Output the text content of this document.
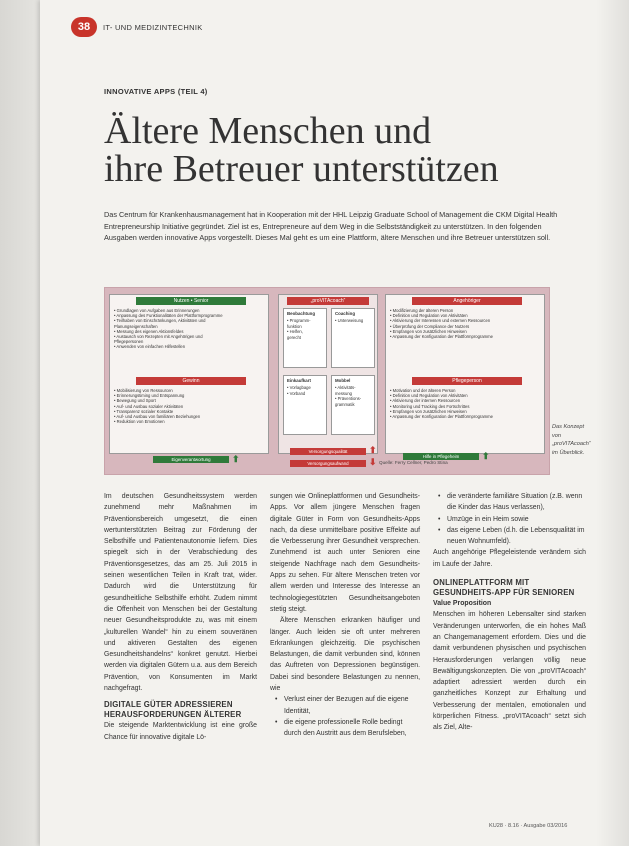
38	IT- UND MEDIZINTECHNIK
INNOVATIVE APPS (TEIL 4)
Ältere Menschen und
ihre Betreuer unterstützen
Das Centrum für Krankenhausmanagement hat in Kooperation mit der HHL Leipzig Graduate School of Management die CKM Digital Health Entrepreneurship Initiative gegründet. Ziel ist es, Entrepreneure auf dem Weg in die Selbstständigkeit zu unterstützen. In den folgenden Ausgaben werden innovative Apps vorgestellt. Dieses Mal geht es um eine Plattform, ältere Menschen und ihre Betreuer unterstützen soll.
Nutzen • Senior
• Grundlagen von Aufgaben aus Erinnerungen
• Anpassung des Funktionalitäten der Plattformprogramme
• Teilhaben von Einschränkungen, Aktivitäten und
Planungseigenschaften
• Messung des eigenen Aktionsfeldes
• Austausch von Rezepten mit Angehörigen und
Pflegepersonen
• Anwenden von einfachen Hilfestellen
Gewinn
• Mobilisierung von Ressourcen
• Erinnerungstiming und Entspannung
• Bewegung und Sport
• Auf- und Ausbau sozialer Aktivitäten
• Transparenz sozialer Kontakte
• Auf- und Ausbau von familiären Beziehungen
• Reduktion von Emotionen
„proVITAcoach“
Beobachtung
• Programm-
funktion
• Helfen,
gerecht
Coaching
• Unterweisung
Einkaufkart
• Vorlagbage
• Vorband
Mobbel
• Aktivitäts-
messung
• Präventions-
grammatik
Angehöriger
• Modifizierung der älteren Person
• Definition und Regulation von Aktivitäten
• Aktivierung der Interessen und externen Ressourcen
• Überprüfung der Compliance der Nutzers
• Empfangen von zusätzlichen Hinweisen
• Anpassung der Konfiguration der Plattformprogramme
Pflegeperson
• Motivation und der älteren Person
• Definition und Regulation von Aktivitäten
• Aktivierung der internen Ressourcen
• Monitoring und Tracking des Fortschrittes
• Empfangen von zusätzlichen Hinweisen
• Anpassung der Konfiguration der Plattformprogramme
Eigenverantwortung	⬆
Versorgungsqualität	⬆
Versorgungsaufwand	⬇
Hilfe in Pflegeheim	⬆
Quelle: Ferry Cellner, Pedro Stina
Das Konzept von „proVITAcoach“ im Überblick.

Im deutschen Gesundheitssystem werden zunehmend mehr Maßnahmen im Präventionsbereich umgesetzt, die einen wertunterstützten Beitrag zur Förderung der Selbsthilfe und Patientenautonomie liefern. Dies spiegelt sich in der Verabschiedung des Präventionsgesetzes, das am 25. Juli 2015 in seinen wesentlichen Teilen in Kraft trat, wider. Dadurch wird die Unterstützung für gesundheitliche Selbsthilfe erhöht. Zudem nimmt die Offenheit von Menschen bei der Gestaltung neuer Gesundheitsprodukte zu, was mit einem „kulturellen Wandel“ hin zu einem souveränen und aktiveren Gestalten des eigenen Gesundheitshandelns“ konkret genutzt. Hierbei werden via digitalen Gütern u.a. aus dem Bereich Prävention, von Konsumenten im Markt nachgefragt.

DIGITALE GÜTER ADRESSIEREN HERAUSFORDERUNGEN ÄLTERER

Die steigende Marktentwicklung ist eine große Chance für innovative digitale Lö-

sungen wie Onlineplattformen und Gesundheits-Apps. Vor allem jüngere Menschen fragen digitale Güter in Form von Gesundheits-Apps nach, da diese unmittelbare positive Effekte auf die Verbesserung ihrer Gesundheit versprechen. Zunehmend ist auch unter Senioren eine steigende Nachfrage nach dem Gesundheits-Apps zu sehen. Für ältere Menschen treten vor allem werden und Interesse des Interesse an technologiegestützten Gesundheitsangeboten stetig steigt.

Ältere Menschen erkranken häufiger und länger. Auch leiden sie oft unter mehreren Erkrankungen gleichzeitig. Die psychischen Belastungen, die damit verbunden sind, können das Auftreten von Depressionen begünstigen. Dabei sind besondere Belastungen zu nennen, wie

• Verlust einer der Bezugen auf die eigene Identität,
• die eigene professionelle Rolle bedingt durch den Austritt aus dem Berufsleben,
• die veränderte familiäre Situation (z.B. wenn die Kinder das Haus verlassen),
• Umzüge in ein Heim sowie
• das eigene Leben (d.h. die Lebensqualität im neuen Wohnumfeld).

Auch angehörige Pflegeleistende verändern sich im Laufe der Jahre.

ONLINEPLATTFORM MIT GESUNDHEITS-APP FÜR SENIOREN
Value Proposition

Menschen im höheren Lebensalter sind starken Veränderungen unterworfen, die ein hohes Maß an Changemanagement erfordern. Dies und die damit verbundenen physischen und psychischen Herausforderungen verlangen völlig neue Bewältigungskonzepten. Die von „proVITAcoach“ adaptiert adressiert werden durch ein ganzheitliches Konzept zur Erhaltung und Verbesserung der mentalen, emotionalen und körperlichen Fitness. „proVITAcoach“ setzt sich als Ziel, Alte-

KU28 · 8.16 · Ausgabe 03/2016
